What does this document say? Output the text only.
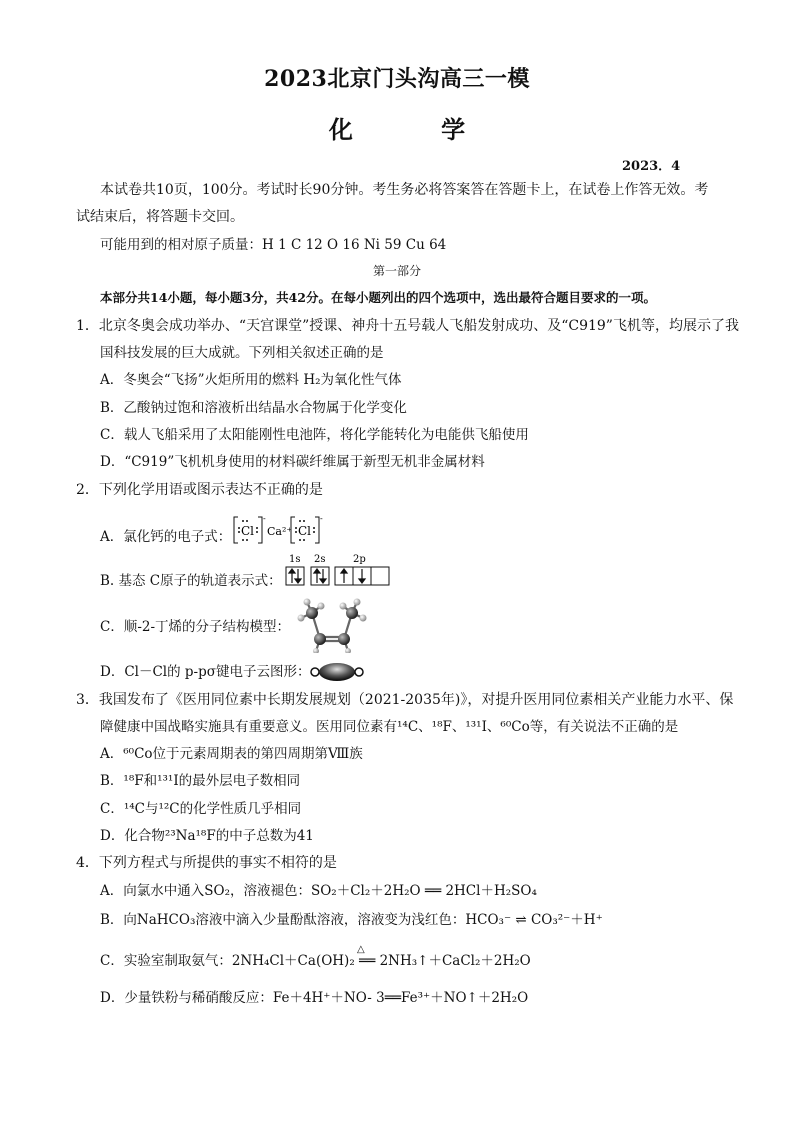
2023北京门头沟高三一模
化 学
2023．4
本试卷共10页，100分。考试时长90分钟。考生务必将答案答在答题卡上，在试卷上作答无效。考
试结束后，将答题卡交回。
可能用到的相对原子质量：H 1 C 12 O 16 Ni 59 Cu 64
第一部分
本部分共14小题，每小题3分，共42分。在每小题列出的四个选项中，选出最符合题目要求的一项。
1．北京冬奥会成功举办、“天宫课堂”授课、神舟十五号载人飞船发射成功、及“C919”飞机等，均展示了我
国科技发展的巨大成就。下列相关叙述正确的是
A．冬奥会“飞扬”火炬所用的燃料 H₂为氧化性气体
B．乙酸钠过饱和溶液析出结晶水合物属于化学变化
C．载人飞船采用了太阳能刚性电池阵，将化学能转化为电能供飞船使用
D．“C919”飞机机身使用的材料碳纤维属于新型无机非金属材料
2．下列化学用语或图示表达不正确的是
A．氯化钙的电子式： Cl
-
Ca²⁺ Cl
-
B. 基态 C原子的轨道表示式：
1s 2s	2p
C．顺-2-丁烯的分子结构模型：
D．Cl－Cl的 p-pσ键电子云图形：
3．我国发布了《医用同位素中长期发展规划（2021-2035年)》，对提升医用同位素相关产业能力水平、保
障健康中国战略实施具有重要意义。医用同位素有¹⁴C、¹⁸F、¹³¹I、⁶⁰Co等，有关说法不正确的是
A．⁶⁰Co位于元素周期表的第四周期第Ⅷ族
B．¹⁸F和¹³¹I的最外层电子数相同
C．¹⁴C与¹²C的化学性质几乎相同
D．化合物²³Na¹⁸F的中子总数为41
4．下列方程式与所提供的事实不相符的是
A．向氯水中通入SO₂，溶液褪色：SO₂＋Cl₂＋2H₂O ══ 2HCl＋H₂SO₄
B．向NaHCO₃溶液中滴入少量酚酞溶液，溶液变为浅红色：HCO₃⁻ ⇌ CO₃²⁻＋H⁺
△
C．实验室制取氨气：2NH₄Cl＋Ca(OH)₂ ══ 2NH₃↑＋CaCl₂＋2H₂O
D．少量铁粉与稀硝酸反应：Fe＋4H⁺＋NO- 3══Fe³⁺＋NO↑＋2H₂O
